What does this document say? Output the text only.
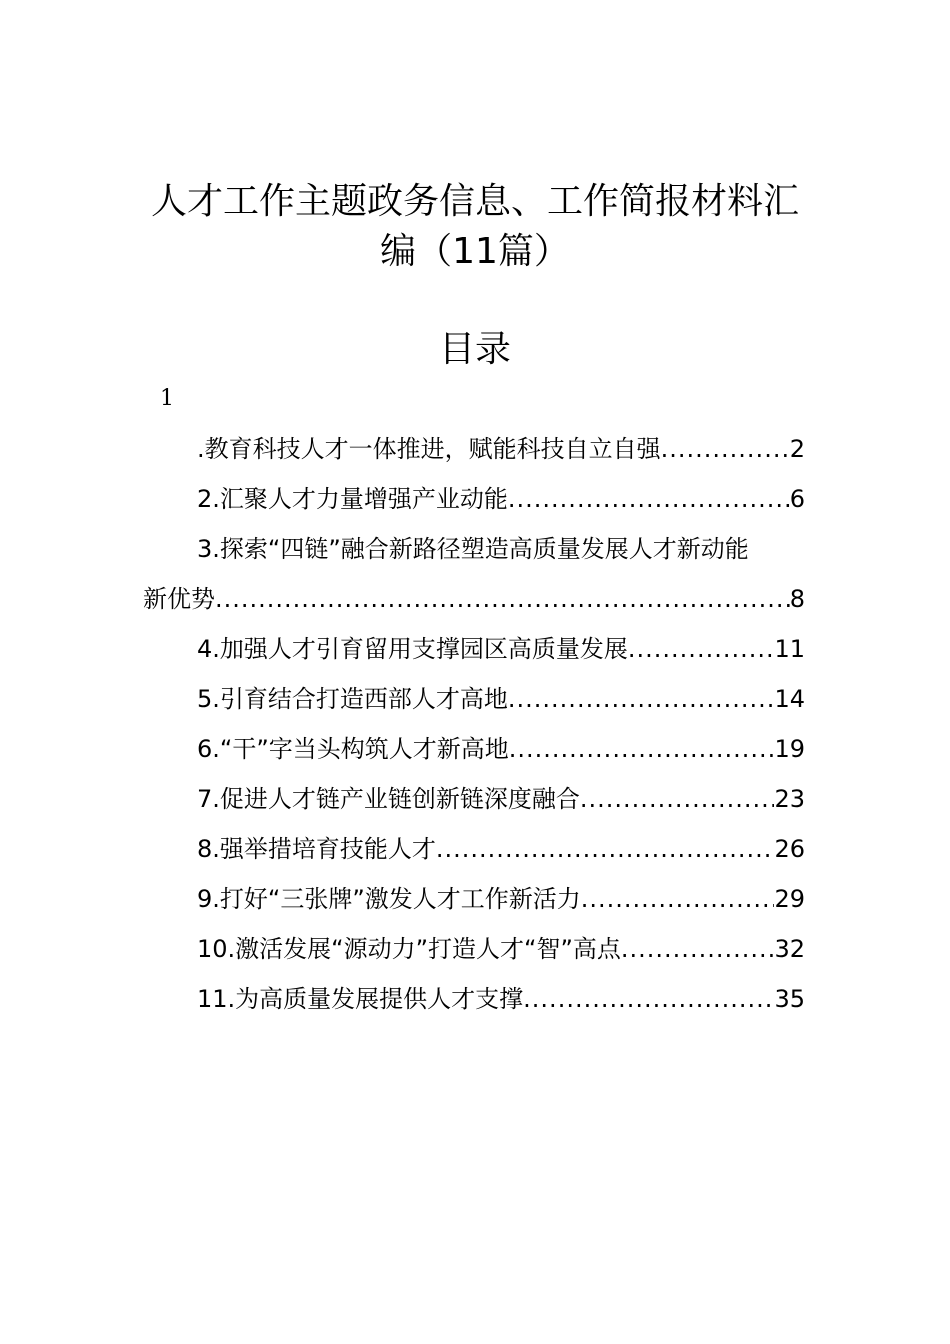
人才工作主题政务信息、工作简报材料汇
编（11篇）
目录
1
.教育科技人才一体推进，赋能科技自立自强 .....	2
2.汇聚人才力量增强产业动能 .....	6
3.探索“四链”融合新路径塑造高质量发展人才新动能
新优势 .....	8
4.加强人才引育留用支撑园区高质量发展 .....	11
5.引育结合打造西部人才高地 .....	14
6.“干”字当头构筑人才新高地 .....	19
7.促进人才链产业链创新链深度融合 .....	23
8.强举措培育技能人才 .....	26
9.打好“三张牌”激发人才工作新活力 .....	29
10.激活发展“源动力”打造人才“智”高点 .....	32
11.为高质量发展提供人才支撑 .....	35
